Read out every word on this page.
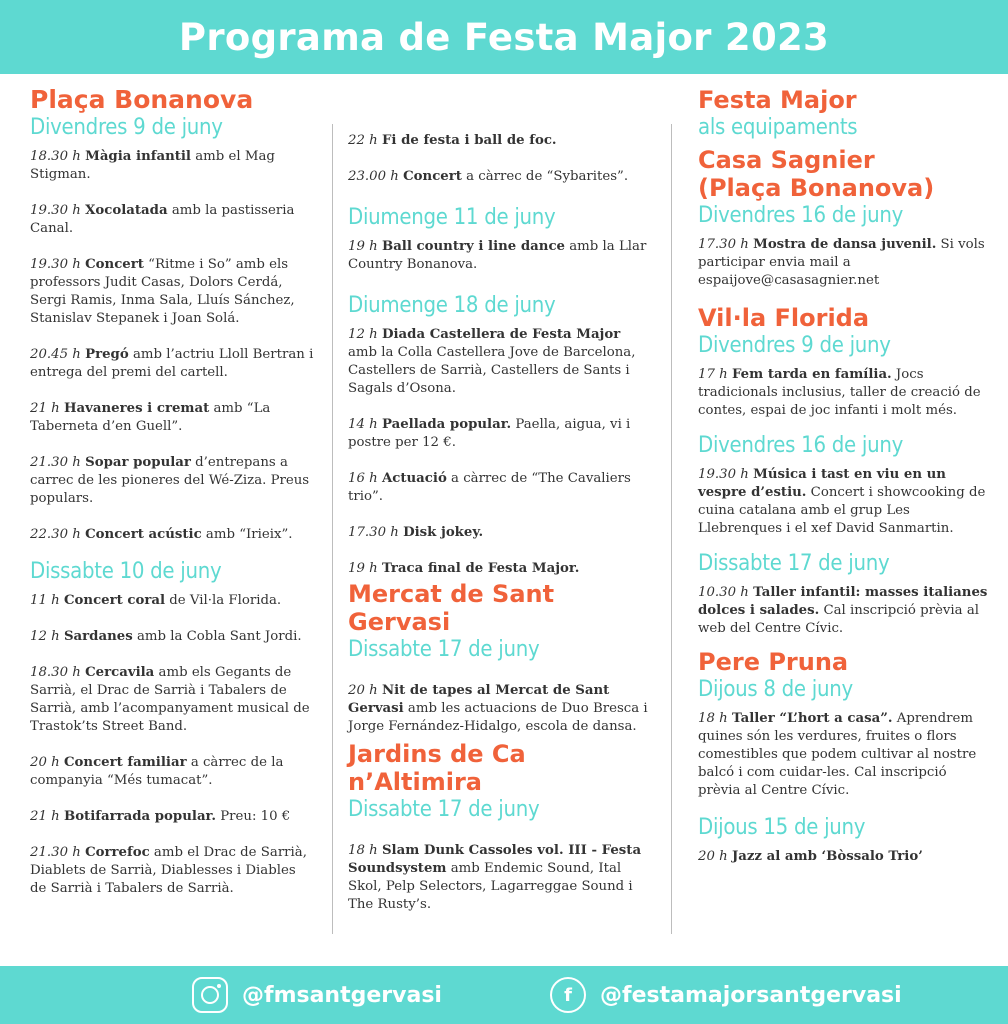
Programa de Festa Major 2023

Plaça Bonanova

Divendres 9 de juny

18.30 h Màgia infantil amb el Mag Stigman.

19.30 h Xocolatada amb la pastisseria Canal.

19.30 h Concert “Ritme i So” amb els professors Judit Casas, Dolors Cerdá, Sergi Ramis, Inma Sala, Lluís Sánchez, Stanislav Stepanek i Joan Solá.

20.45 h Pregó amb l’actriu Lloll Bertran i entrega del premi del cartell.

21 h Havaneres i cremat amb “La Taberneta d’en Guell”.

21.30 h Sopar popular d’entrepans a carrec de les pioneres del Wé-Ziza. Preus populars.

22.30 h Concert acústic amb “Irieix”.

Dissabte 10 de juny

11 h Concert coral de Vil·la Florida.

12 h Sardanes amb la Cobla Sant Jordi.

18.30 h Cercavila amb els Gegants de Sarrià, el Drac de Sarrià i Tabalers de Sarrià, amb l’acompanyament musical de Trastok’ts Street Band.

20 h Concert familiar a càrrec de la companyia “Més tumacat”.

21 h Botifarrada popular. Preu: 10 €

21.30 h Correfoc amb el Drac de Sarrià, Diablets de Sarrià, Diablesses i Diables de Sarrià i Tabalers de Sarrià.

22 h Fi de festa i ball de foc.

23.00 h Concert a càrrec de “Sybarites”.

Diumenge 11 de juny

19 h Ball country i line dance amb la Llar Country Bonanova.

Diumenge 18 de juny

12 h Diada Castellera de Festa Major amb la Colla Castellera Jove de Barcelona, Castellers de Sarrià, Castellers de Sants i Sagals d’Osona.

14 h Paellada popular. Paella, aigua, vi i postre per 12 €.

16 h Actuació a càrrec de “The Cavaliers trio”.

17.30 h Disk jokey.

19 h Traca final de Festa Major.

Mercat de Sant Gervasi

Dissabte 17 de juny

20 h Nit de tapes al Mercat de Sant Gervasi amb les actuacions de Duo Bresca i Jorge Fernández-Hidalgo, escola de dansa.

Jardins de Ca n’Altimira

Dissabte 17 de juny

18 h Slam Dunk Cassoles vol. III - Festa Soundsystem amb Endemic Sound, Ital Skol, Pelp Selectors, Lagarreggae Sound i The Rusty’s.

Festa Major

als equipaments

Casa Sagnier

(Plaça Bonanova)

Divendres 16 de juny

17.30 h Mostra de dansa juvenil. Si vols participar envia mail a espaijove@casasagnier.net

Vil·la Florida

Divendres 9 de juny

17 h Fem tarda en família. Jocs tradicionals inclusius, taller de creació de contes, espai de joc infanti i molt més.

Divendres 16 de juny

19.30 h Música i tast en viu en un vespre d’estiu. Concert i showcooking de cuina catalana amb el grup Les Llebrenques i el xef David Sanmartin.

Dissabte 17 de juny

10.30 h Taller infantil: masses italianes dolces i salades. Cal inscripció prèvia al web del Centre Cívic.

Pere Pruna

Dijous 8 de juny

18 h Taller “L’hort a casa”. Aprendrem quines són les verdures, fruites o flors comestibles que podem cultivar al nostre balcó i com cuidar-les. Cal inscripció prèvia al Centre Cívic.

Dijous 15 de juny

20 h Jazz al amb ‘Bòssalo Trio’

@fmsantgervasi	f	@festamajorsantgervasi
